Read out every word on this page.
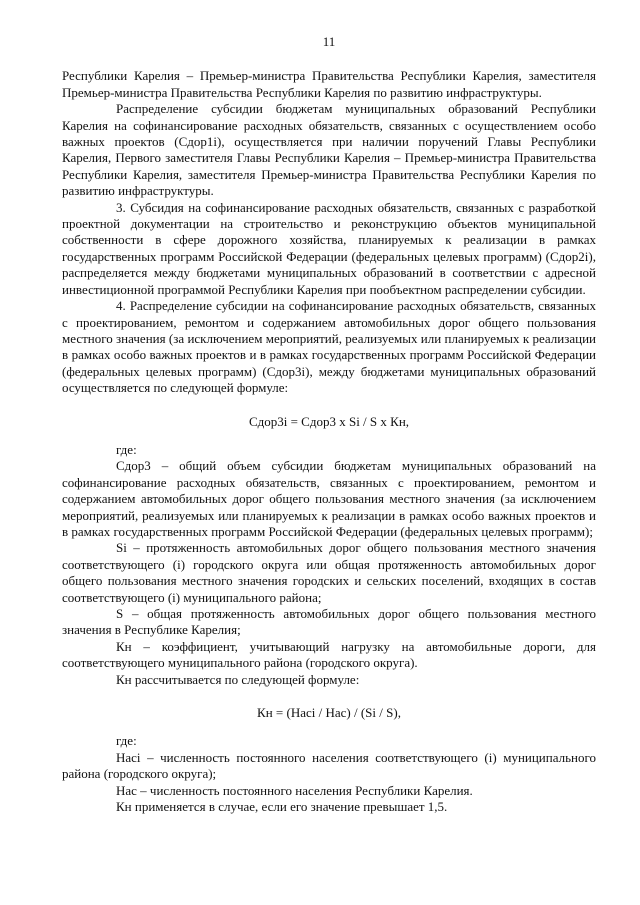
11

Республики Карелия – Премьер-министра Правительства Республики Карелия, заместителя Премьер-министра Правительства Республики Карелия по развитию инфраструктуры.

Распределение субсидии бюджетам муниципальных образований Республики Карелия на софинансирование расходных обязательств, связанных с осуществлением особо важных проектов (Сдор1i), осуществляется при наличии поручений Главы Республики Карелия, Первого заместителя Главы Республики Карелия – Премьер-министра Правительства Республики Карелия, заместителя Премьер-министра Правительства Республики Карелия по развитию инфраструктуры.

3. Субсидия на софинансирование расходных обязательств, связанных с разработкой проектной документации на строительство и реконструкцию объектов муниципальной собственности в сфере дорожного хозяйства, планируемых к реализации в рамках государственных программ Российской Федерации (федеральных целевых программ) (Сдор2i), распределяется между бюджетами муниципальных образований в соответствии с адресной инвестиционной программой Республики Карелия при пообъектном распределении субсидии.

4. Распределение субсидии на софинансирование расходных обязательств, связанных с проектированием, ремонтом и содержанием автомобильных дорог общего пользования местного значения (за исключением мероприятий, реализуемых или планируемых к реализации в рамках особо важных проектов и в рамках государственных программ Российской Федерации (федеральных целевых программ) (Сдор3i), между бюджетами муниципальных образований осуществляется по следующей формуле:

Сдор3i = Сдор3 x Si / S x Кн,

где:

Сдор3 – общий объем субсидии бюджетам муниципальных образований на софинансирование расходных обязательств, связанных с проектированием, ремонтом и содержанием автомобильных дорог общего пользования местного значения (за исключением мероприятий, реализуемых или планируемых к реализации в рамках особо важных проектов и в рамках государственных программ Российской Федерации (федеральных целевых программ);

Si – протяженность автомобильных дорог общего пользования местного значения соответствующего (i) городского округа или общая протяженность автомобильных дорог общего пользования местного значения городских и сельских поселений, входящих в состав соответствующего (i) муниципального района;

S – общая протяженность автомобильных дорог общего пользования местного значения в Республике Карелия;

Кн – коэффициент, учитывающий нагрузку на автомобильные дороги, для соответствующего муниципального района (городского округа).

Кн рассчитывается по следующей формуле:

Кн = (Насi / Нас) / (Si / S),

где:

Насi – численность постоянного населения соответствующего (i) муниципального района (городского округа);

Нас – численность постоянного населения Республики Карелия.

Кн применяется в случае, если его значение превышает 1,5.
